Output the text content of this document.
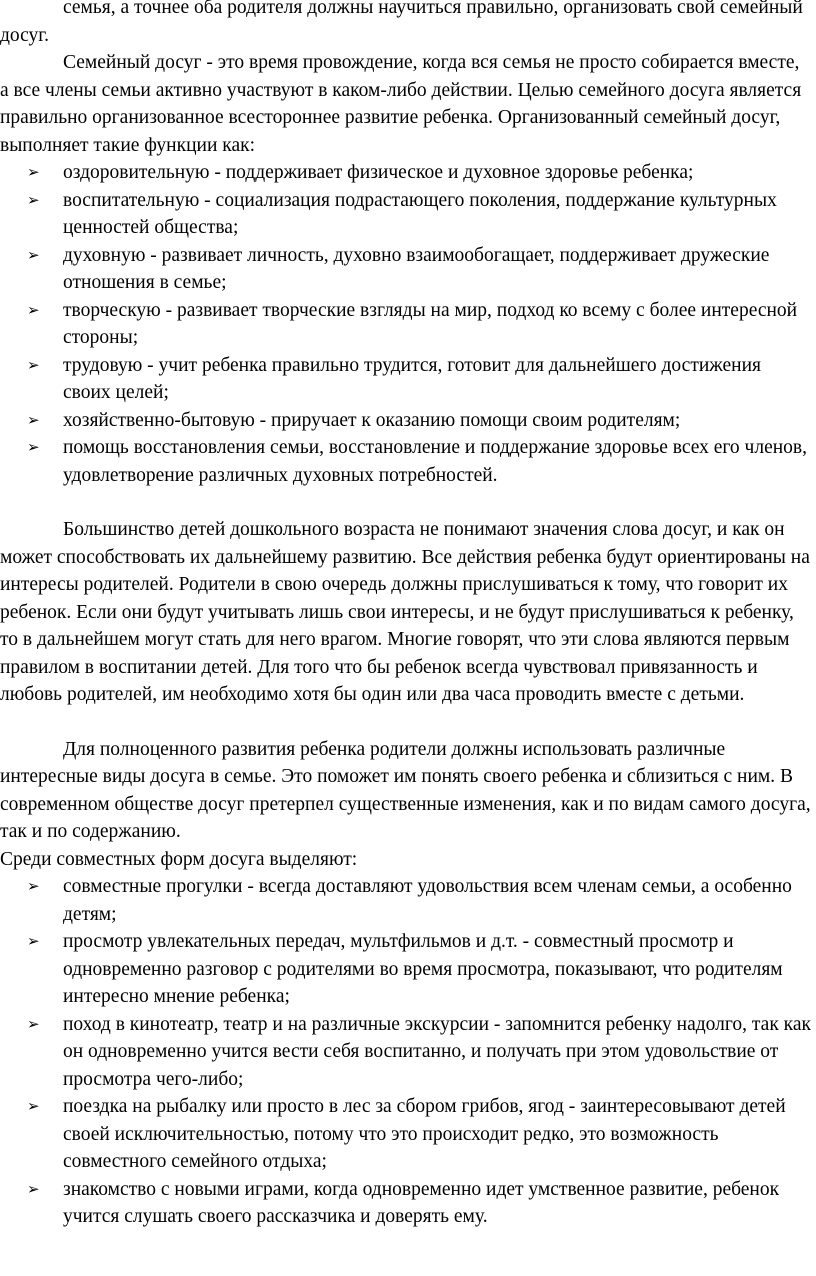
семья, а точнее оба родителя должны научиться правильно, организовать свой семейный досуг.

Семейный досуг - это время провождение, когда вся семья не просто собирается вместе, а все члены семьи активно участвуют в каком-либо действии. Целью семейного досуга является правильно организованное всестороннее развитие ребенка. Организованный семейный досуг, выполняет такие функции как:

➢	оздоровительную - поддерживает физическое и духовное здоровье ребенка;
➢	воспитательную - социализация подрастающего поколения, поддержание культурных ценностей общества;
➢	духовную - развивает личность, духовно взаимообогащает, поддерживает дружеские отношения в семье;
➢	творческую - развивает творческие взгляды на мир, подход ко всему с более интересной стороны;
➢	трудовую - учит ребенка правильно трудится, готовит для дальнейшего достижения своих целей;
➢	хозяйственно-бытовую - приручает к оказанию помощи своим родителям;
➢	помощь восстановления семьи, восстановление и поддержание здоровье всех его членов, удовлетворение различных духовных потребностей.

Большинство детей дошкольного возраста не понимают значения слова досуг, и как он может способствовать их дальнейшему развитию. Все действия ребенка будут ориентированы на интересы родителей. Родители в свою очередь должны прислушиваться к тому, что говорит их ребенок. Если они будут учитывать лишь свои интересы, и не будут прислушиваться к ребенку, то в дальнейшем могут стать для него врагом. Многие говорят, что эти слова являются первым правилом в воспитании детей. Для того что бы ребенок всегда чувствовал привязанность и любовь родителей, им необходимо хотя бы один или два часа проводить вместе с детьми.

Для полноценного развития ребенка родители должны использовать различные интересные виды досуга в семье. Это поможет им понять своего ребенка и сблизиться с ним. В современном обществе досуг претерпел существенные изменения, как и по видам самого досуга, так и по содержанию.

Среди совместных форм досуга выделяют:

➢	совместные прогулки - всегда доставляют удовольствия всем членам семьи, а особенно детям;
➢	просмотр увлекательных передач, мультфильмов и д.т. - совместный просмотр и одновременно разговор с родителями во время просмотра, показывают, что родителям интересно мнение ребенка;
➢	поход в кинотеатр, театр и на различные экскурсии - запомнится ребенку надолго, так как он одновременно учится вести себя воспитанно, и получать при этом удовольствие от просмотра чего-либо;
➢	поездка на рыбалку или просто в лес за сбором грибов, ягод - заинтересовывают детей своей исключительностью, потому что это происходит редко, это возможность совместного семейного отдыха;
➢	знакомство с новыми играми, когда одновременно идет умственное развитие, ребенок учится слушать своего рассказчика и доверять ему.
